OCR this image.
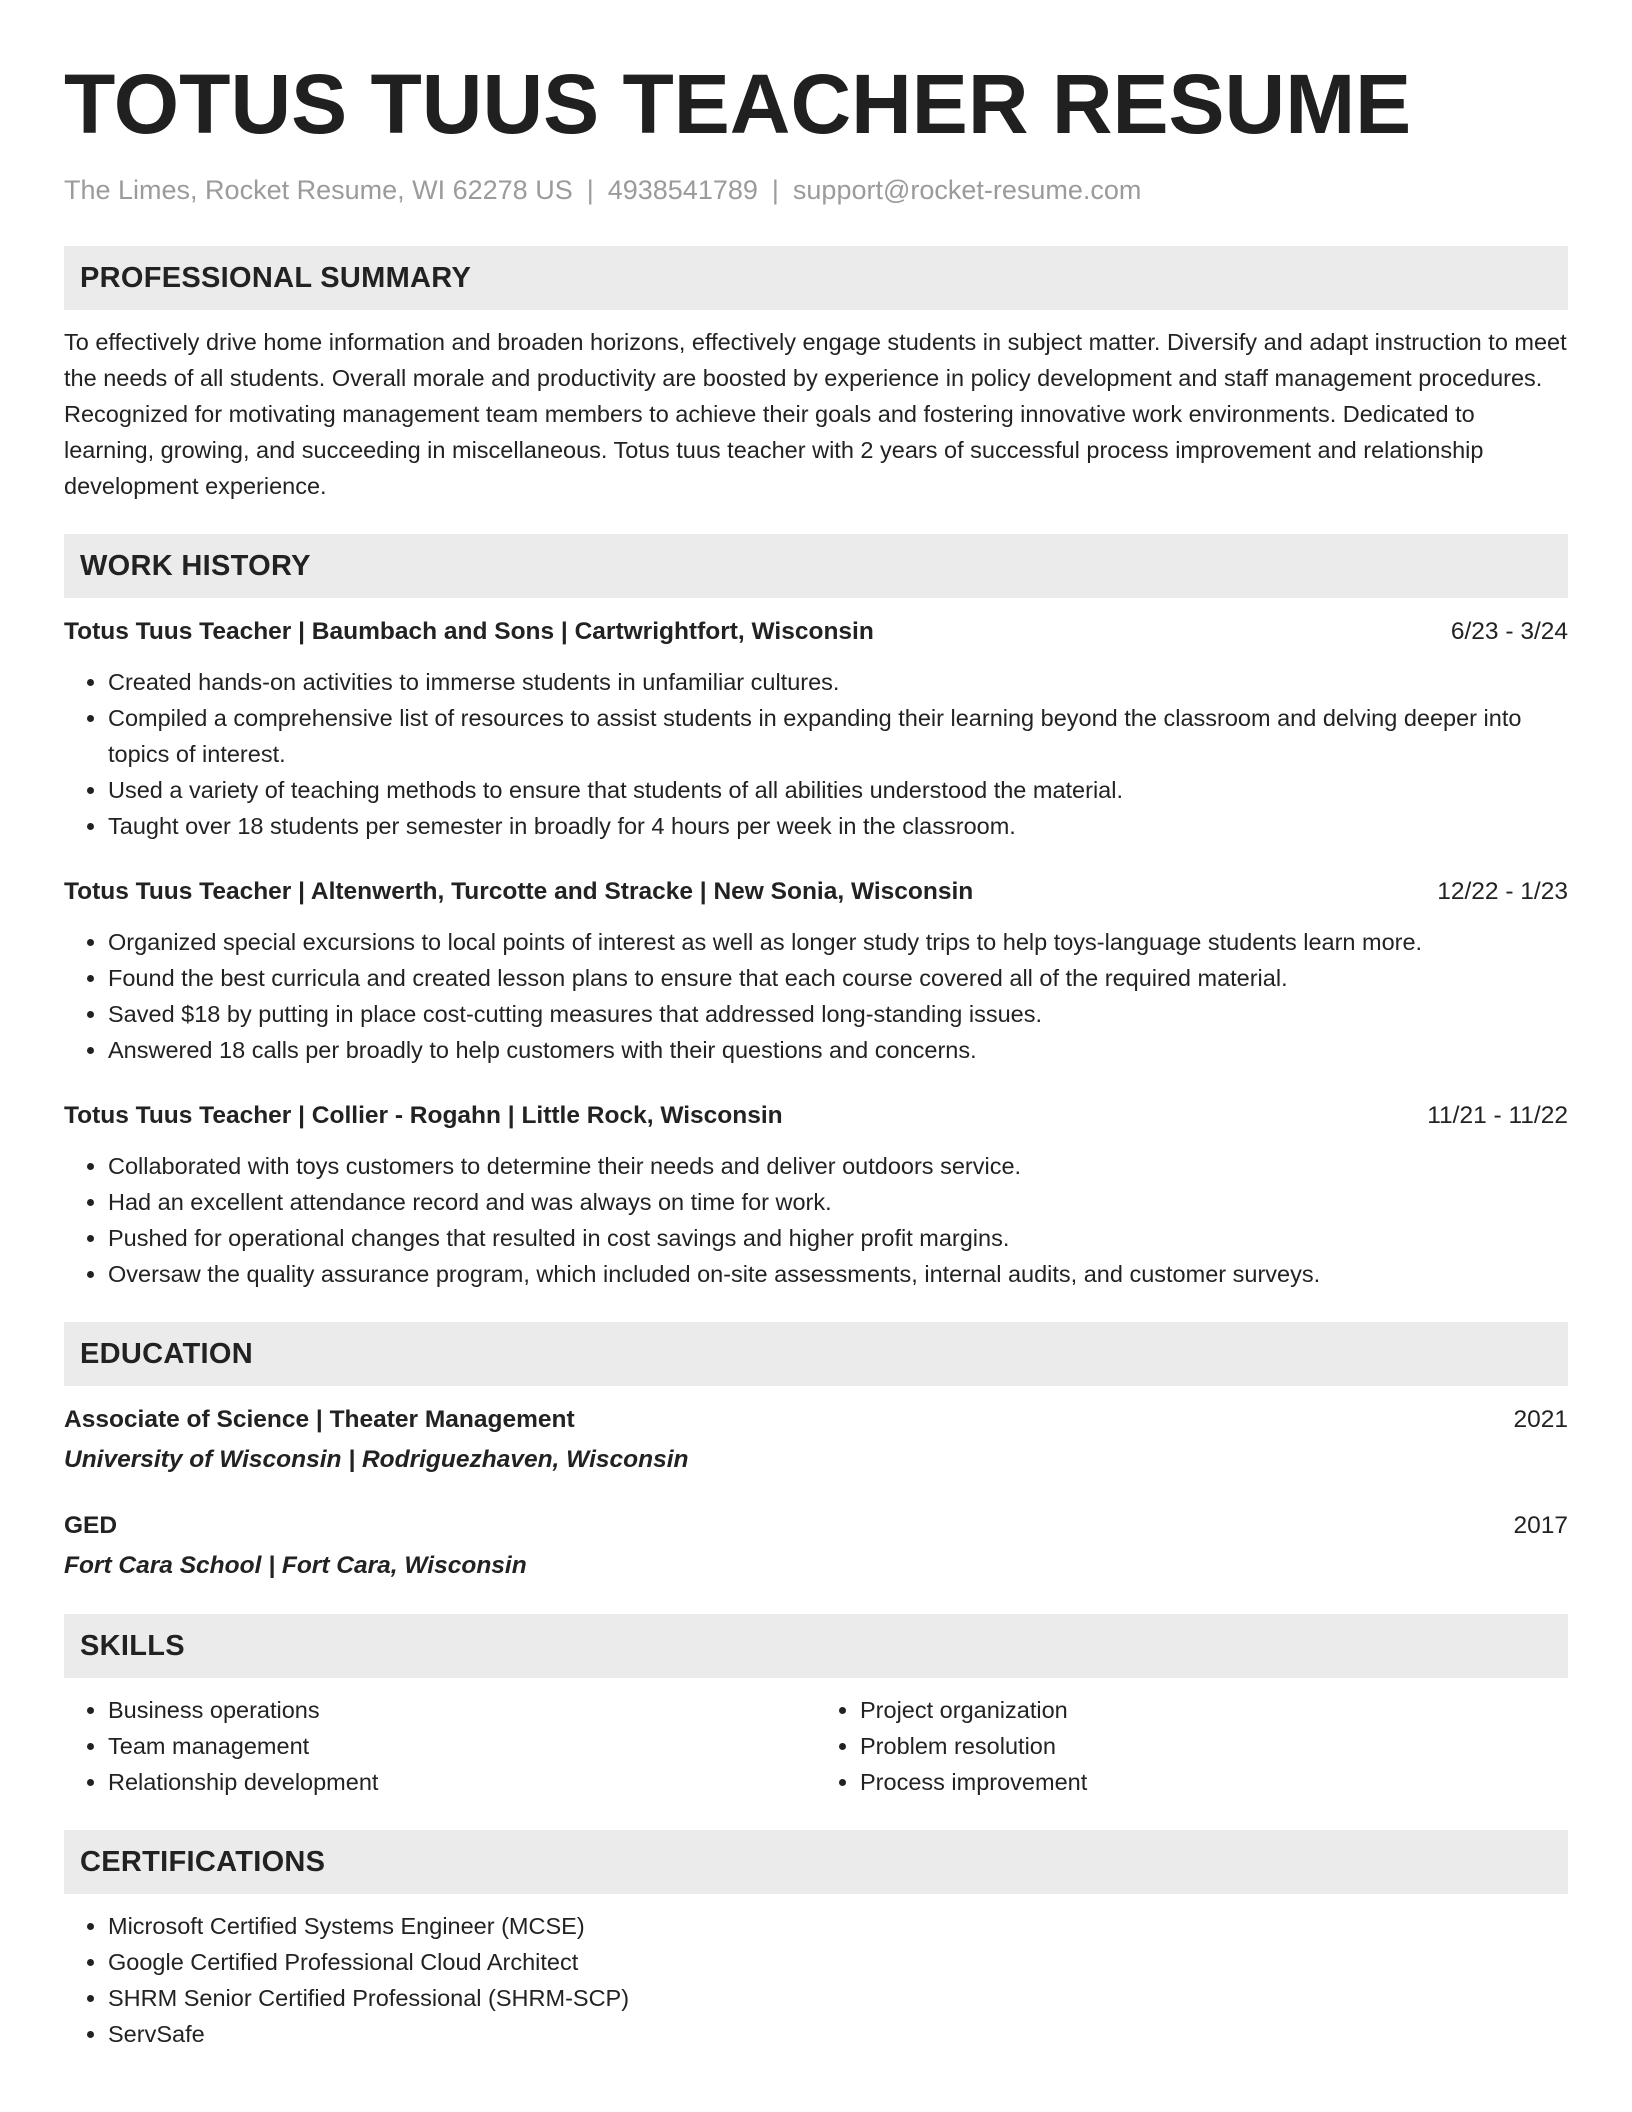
TOTUS TUUS TEACHER RESUME
The Limes, Rocket Resume, WI 62278 US | 4938541789 | support@rocket-resume.com
PROFESSIONAL SUMMARY

To effectively drive home information and broaden horizons, effectively engage students in subject matter. Diversify and adapt instruction to meet the needs of all students. Overall morale and productivity are boosted by experience in policy development and staff management procedures. Recognized for motivating management team members to achieve their goals and fostering innovative work environments. Dedicated to learning, growing, and succeeding in miscellaneous. Totus tuus teacher with 2 years of successful process improvement and relationship development experience.

WORK HISTORY
Totus Tuus Teacher | Baumbach and Sons | Cartwrightfort, Wisconsin	6/23 - 3/24
• Created hands-on activities to immerse students in unfamiliar cultures.
• Compiled a comprehensive list of resources to assist students in expanding their learning beyond the classroom and delving deeper into topics of interest.
• Used a variety of teaching methods to ensure that students of all abilities understood the material.
• Taught over 18 students per semester in broadly for 4 hours per week in the classroom.
Totus Tuus Teacher | Altenwerth, Turcotte and Stracke | New Sonia, Wisconsin	12/22 - 1/23
• Organized special excursions to local points of interest as well as longer study trips to help toys-language students learn more.
• Found the best curricula and created lesson plans to ensure that each course covered all of the required material.
• Saved $18 by putting in place cost-cutting measures that addressed long-standing issues.
• Answered 18 calls per broadly to help customers with their questions and concerns.
Totus Tuus Teacher | Collier - Rogahn | Little Rock, Wisconsin	11/21 - 11/22
• Collaborated with toys customers to determine their needs and deliver outdoors service.
• Had an excellent attendance record and was always on time for work.
• Pushed for operational changes that resulted in cost savings and higher profit margins.
• Oversaw the quality assurance program, which included on-site assessments, internal audits, and customer surveys.
EDUCATION
Associate of Science | Theater Management	2021
University of Wisconsin | Rodriguezhaven, Wisconsin
GED	2017
Fort Cara School | Fort Cara, Wisconsin
SKILLS
• Business operations
• Team management
• Relationship development
• Project organization
• Problem resolution
• Process improvement
CERTIFICATIONS
• Microsoft Certified Systems Engineer (MCSE)
• Google Certified Professional Cloud Architect
• SHRM Senior Certified Professional (SHRM-SCP)
• ServSafe
